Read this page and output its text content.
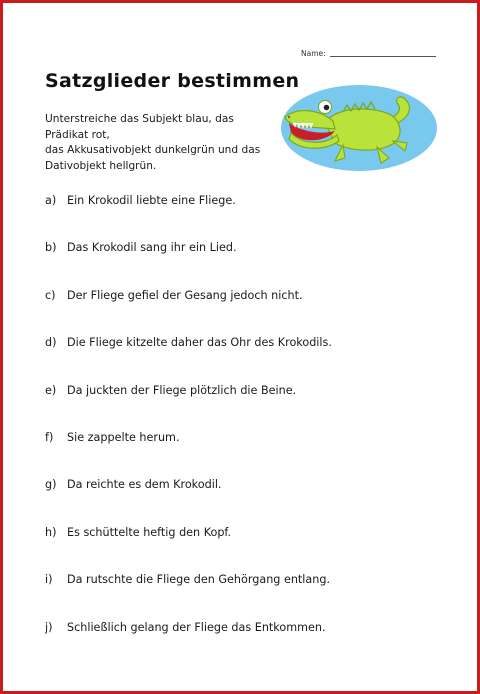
Name:
Satzglieder bestimmen

Unterstreiche das Subjekt blau, das
Prädikat rot,
das Akkusativobjekt dunkelgrün und das
Dativobjekt hellgrün.

a) Ein Krokodil liebte eine Fliege.
b) Das Krokodil sang ihr ein Lied.
c)	Der Fliege gefiel der Gesang jedoch nicht.
d) Die Fliege kitzelte daher das Ohr des Krokodils.
e) Da juckten der Fliege plötzlich die Beine.
f)	Sie zappelte herum.
g) Da reichte es dem Krokodil.
h) Es schüttelte heftig den Kopf.
i)	Da rutschte die Fliege den Gehörgang entlang.
j)	Schließlich gelang der Fliege das Entkommen.
